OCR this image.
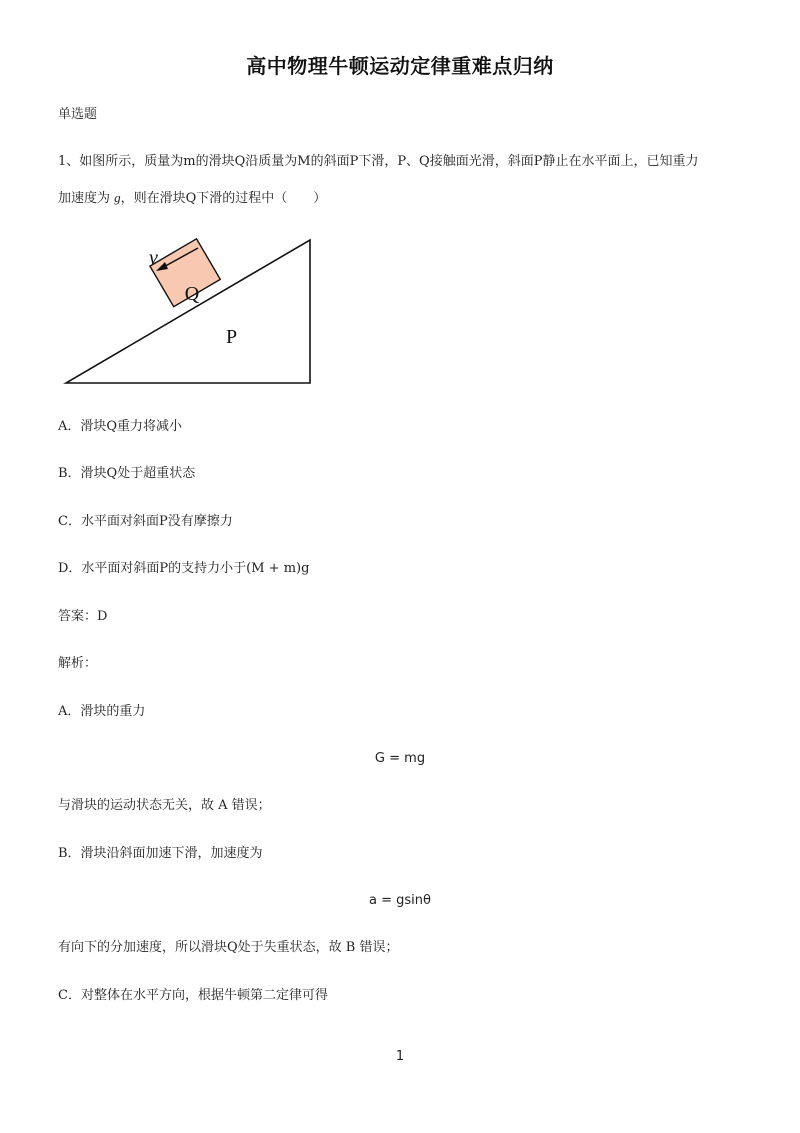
高中物理牛顿运动定律重难点归纳
单选题
1、如图所示，质量为m的滑块Q沿质量为M的斜面P下滑，P、Q接触面光滑，斜面P静止在水平面上，已知重力
加速度为 g，则在滑块Q下滑的过程中（　　）
Q
v
P
A．滑块Q重力将减小
B．滑块Q处于超重状态
C．水平面对斜面P没有摩擦力
D．水平面对斜面P的支持力小于(M + m)g
答案：D
解析：
A．滑块的重力
G = mg
与滑块的运动状态无关，故 A 错误；
B．滑块沿斜面加速下滑，加速度为
a = gsinθ
有向下的分加速度，所以滑块Q处于失重状态，故 B 错误；
C．对整体在水平方向，根据牛顿第二定律可得
1
